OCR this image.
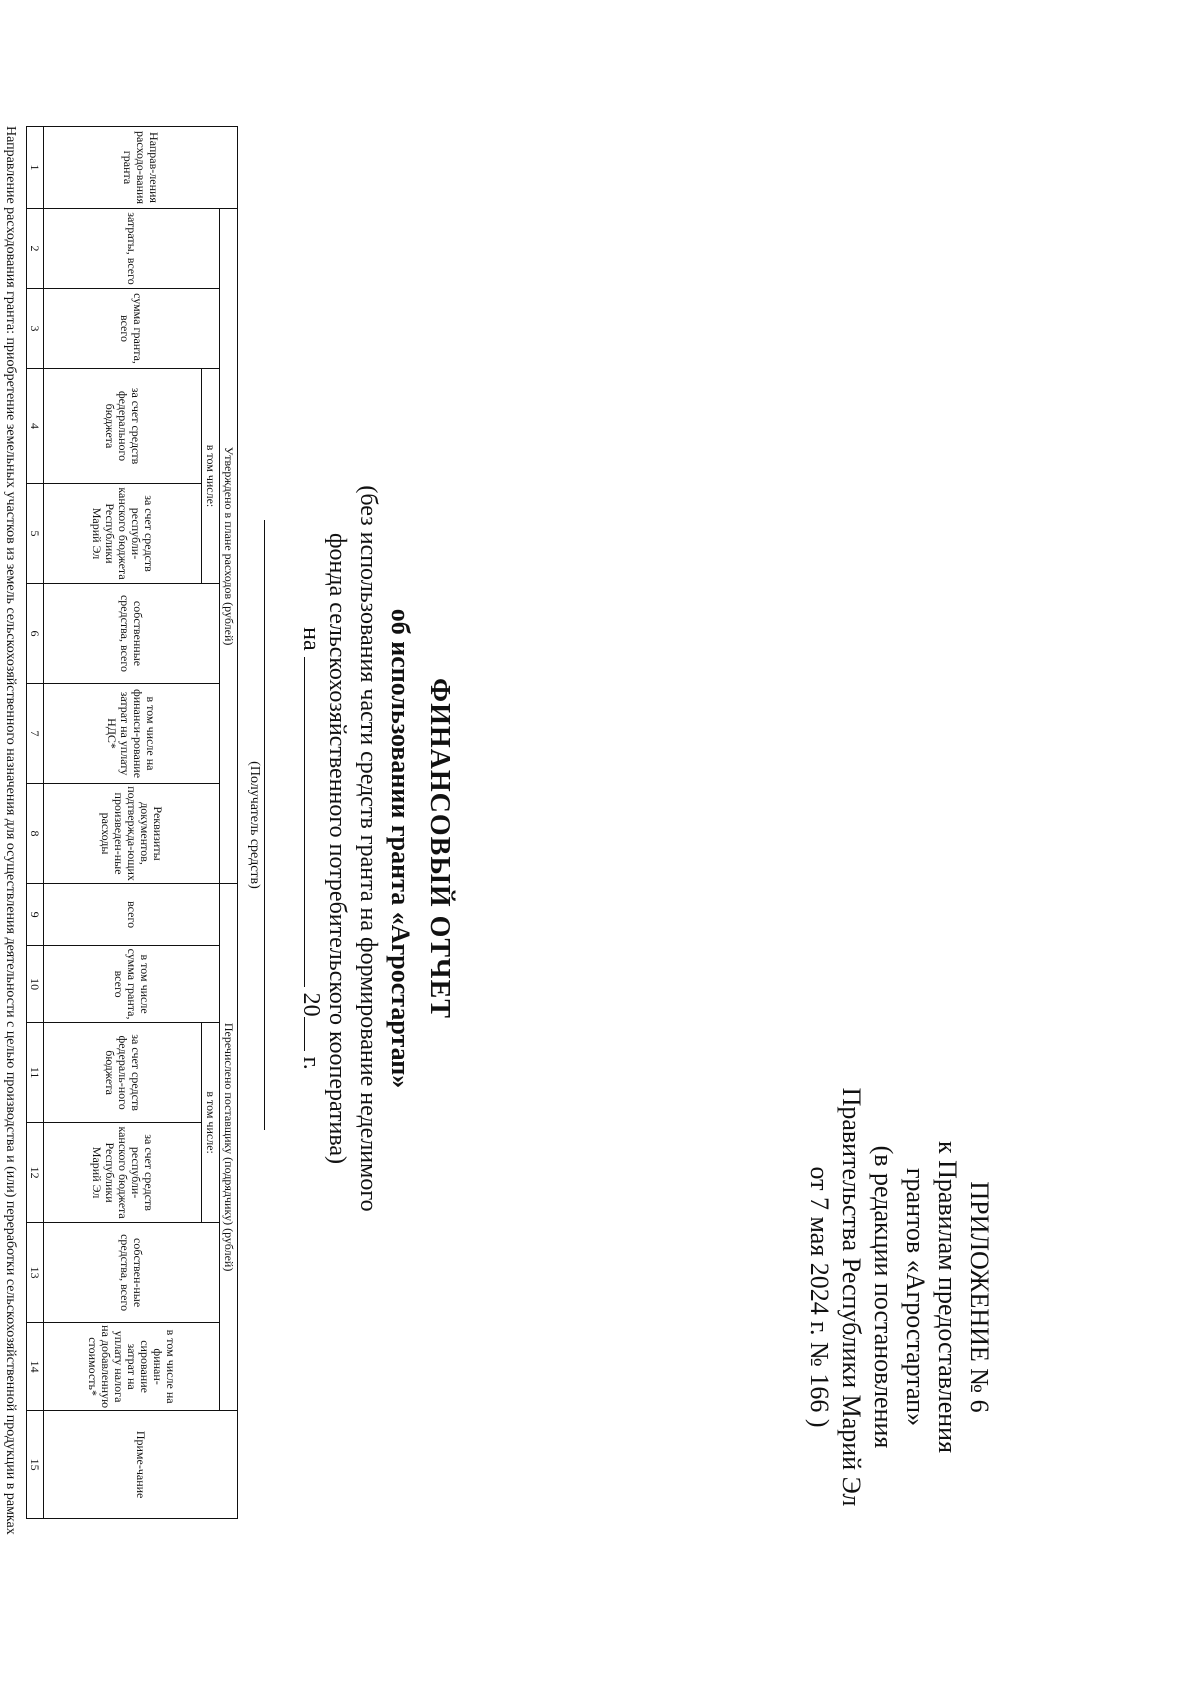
ПРИЛОЖЕНИЕ № 6
к Правилам предоставления
грантов «Агростартап»
(в редакции постановления
Правительства Республики Марий Эл
от 7 мая 2024 г. № 166 )
ФИНАНСОВЫЙ ОТЧЕТ
об использовании гранта «Агростартап»
(без использования части средств гранта на формирование неделимого
фонда сельскохозяйственного потребительского кооператива)
на  20 г.
(Получатель средств)
Направ-ления расходо-вания гранта	Утверждено в плане расходов (рублей)							Перечислено поставщику (подрядчику) (рублей)						Приме-чание
	затраты, всего	сумма гранта, всего	в том числе:		собственные средства, всего	в том числе на финанси-рование затрат на уплату НДС*	Реквизиты документов, подтвержда-ющих произведен-ные расходы	всего	в том числе сумма гранта, всего	в том числе:		собствен-ные средства, всего	в том числе на финан-сирование затрат на уплату налога на добавленную стоимость*	
			за счет средств федерального бюджета	за счет средств республи-канского бюджета Республики Марий Эл						за счет средств федераль-ного бюджета	за счет средств республи-канского бюджета Республики Марий Эл			
1	2	3	4	5	6	7	8	9	10	11	12	13	14	15
Направление расходования гранта: приобретение земельных участков из земель сельскохозяйственного назначения для осуществления деятельности с целью производства и (или) переработки сельскохозяйственной продукции в рамках
